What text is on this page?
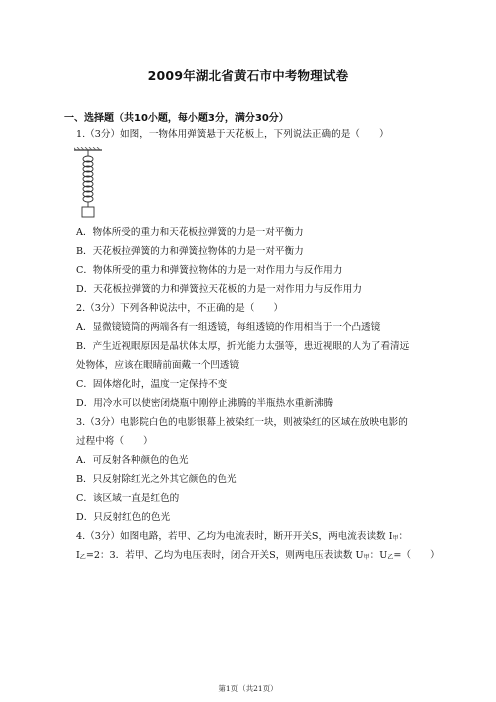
2009年湖北省黄石市中考物理试卷
一、选择题（共10小题，每小题3分，满分30分）
1.（3分）如图，一物体用弹簧悬于天花板上，下列说法正确的是（　　）
A．物体所受的重力和天花板拉弹簧的力是一对平衡力
B．天花板拉弹簧的力和弹簧拉物体的力是一对平衡力
C．物体所受的重力和弹簧拉物体的力是一对作用力与反作用力
D．天花板拉弹簧的力和弹簧拉天花板的力是一对作用力与反作用力
2.（3分）下列各种说法中，不正确的是（　　）
A．显微镜镜筒的两端各有一组透镜，每组透镜的作用相当于一个凸透镜
B．产生近视眼原因是晶状体太厚，折光能力太强等，患近视眼的人为了看清远
处物体，应该在眼睛前面戴一个凹透镜
C．固体熔化时，温度一定保持不变
D．用冷水可以使密闭烧瓶中刚停止沸腾的半瓶热水重新沸腾
3.（3分）电影院白色的电影银幕上被染红一块，则被染红的区域在放映电影的
过程中将（　　）
A．可反射各种颜色的色光
B．只反射除红光之外其它颜色的色光
C．该区域一直是红色的
D．只反射红色的色光
4.（3分）如图电路，若甲、乙均为电流表时，断开开关S，两电流表读数 I甲：
I乙=2：3．若甲、乙均为电压表时，闭合开关S，则两电压表读数 U甲：U乙=（　　）
第1页（共21页）
